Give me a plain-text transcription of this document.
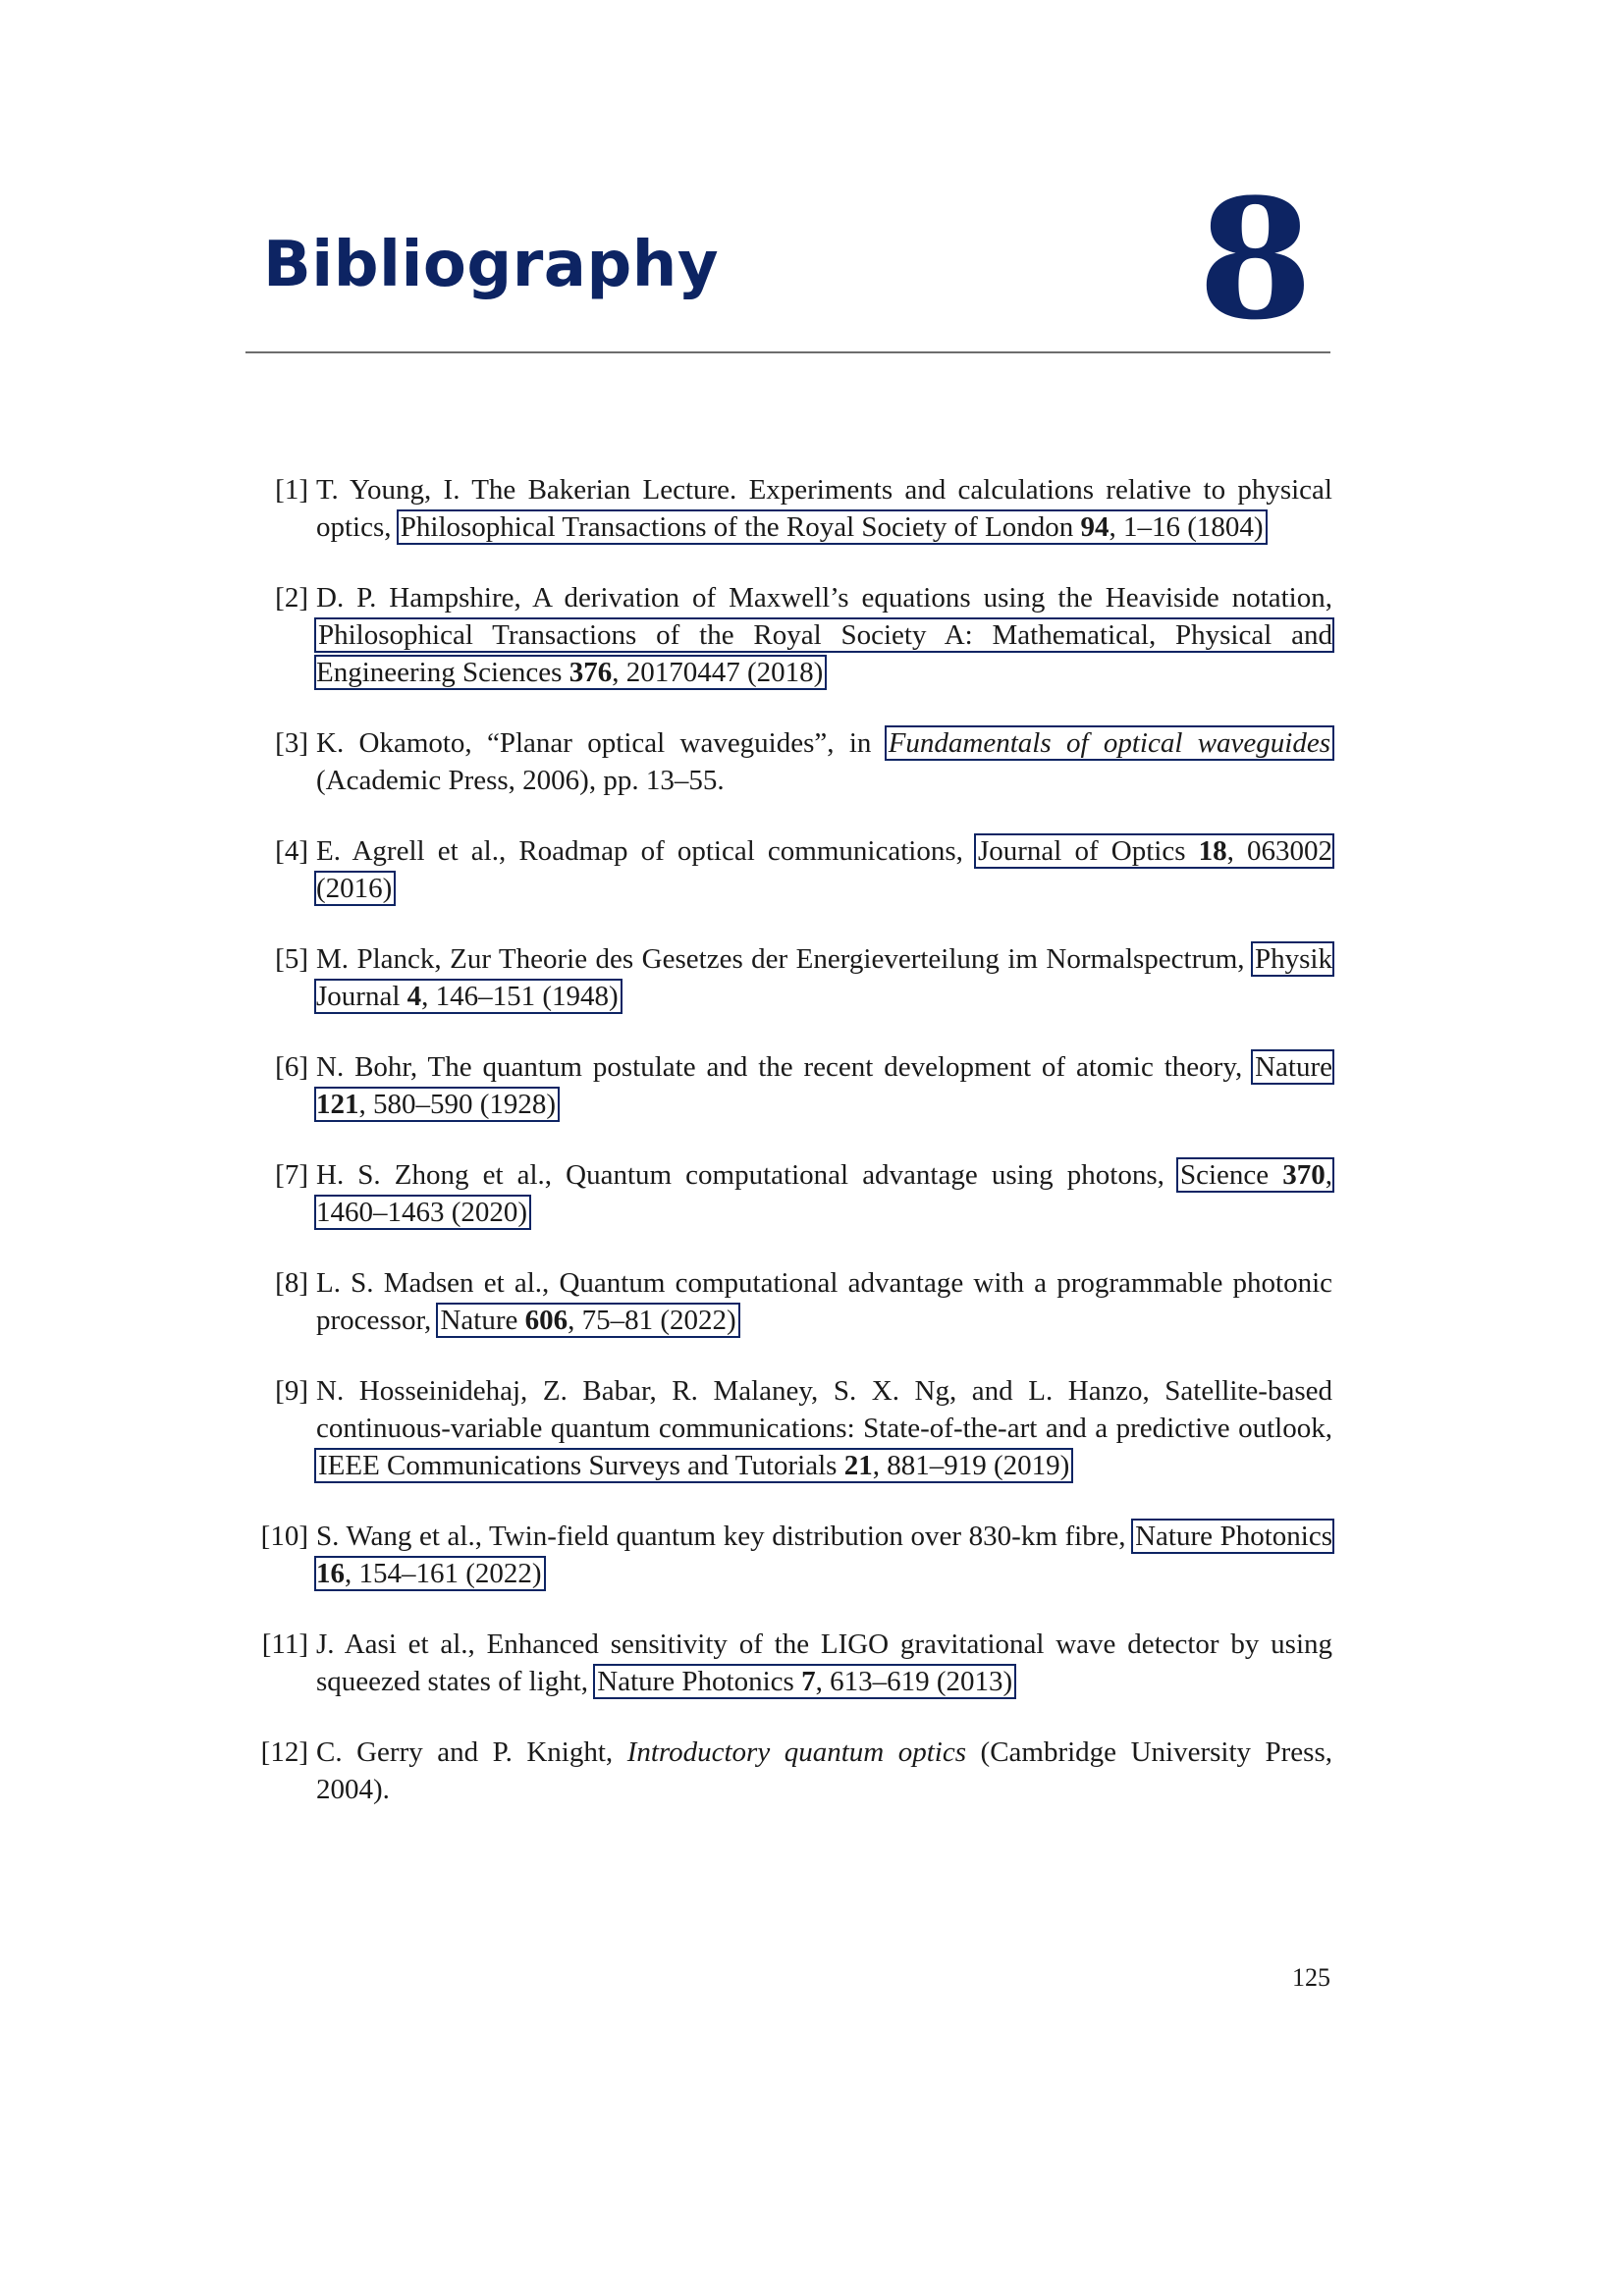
Bibliography	8
[1] T. Young, I. The Bakerian Lecture. Experiments and calculations relative to physical optics, Philosophical Transactions of the Royal Society of London 94, 1–16 (1804)
[2] D. P. Hampshire, A derivation of Maxwell’s equations using the Heaviside notation, Philosophical Transactions of the Royal Society A: Mathematical, Physical and Engineering Sciences 376, 20170447 (2018)
[3] K. Okamoto, “Planar optical waveguides”, in Fundamentals of optical waveguides (Academic Press, 2006), pp. 13–55.
[4] E. Agrell et al., Roadmap of optical communications, Journal of Optics 18, 063002 (2016)
[5] M. Planck, Zur Theorie des Gesetzes der Energieverteilung im Normalspectrum, Physik Journal 4, 146–151 (1948)
[6] N. Bohr, The quantum postulate and the recent development of atomic theory, Nature 121, 580–590 (1928)
[7] H. S. Zhong et al., Quantum computational advantage using photons, Science 370, 1460–1463 (2020)
[8] L. S. Madsen et al., Quantum computational advantage with a programmable photonic processor, Nature 606, 75–81 (2022)
[9] N. Hosseinidehaj, Z. Babar, R. Malaney, S. X. Ng, and L. Hanzo, Satellite-based continuous-variable quantum communications: State-of-the-art and a predictive outlook, IEEE Communications Surveys and Tutorials 21, 881–919 (2019)
[10] S. Wang et al., Twin-field quantum key distribution over 830-km fibre, Nature Photonics 16, 154–161 (2022)
[11] J. Aasi et al., Enhanced sensitivity of the LIGO gravitational wave detector by using squeezed states of light, Nature Photonics 7, 613–619 (2013)
[12] C. Gerry and P. Knight, Introductory quantum optics (Cambridge University Press, 2004).
125
